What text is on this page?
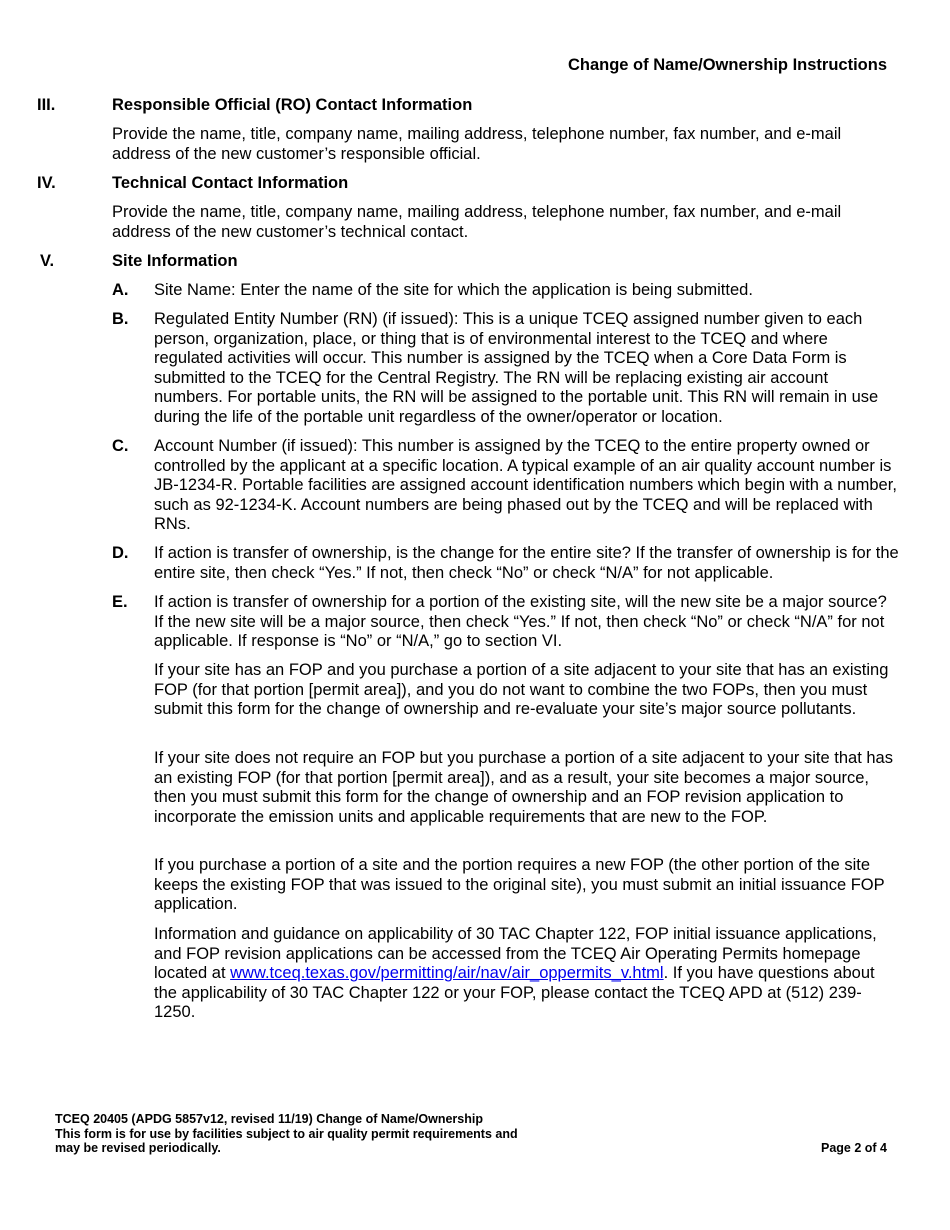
Change of Name/Ownership Instructions
III.	Responsible Official (RO) Contact Information
Provide the name, title, company name, mailing address, telephone number, fax number, and e-mail address of the new customer’s responsible official.
IV.	Technical Contact Information
Provide the name, title, company name, mailing address, telephone number, fax number, and e-mail address of the new customer’s technical contact.
V.	Site Information
A. Site Name: Enter the name of the site for which the application is being submitted.
B. Regulated Entity Number (RN) (if issued): This is a unique TCEQ assigned number given to each person, organization, place, or thing that is of environmental interest to the TCEQ and where regulated activities will occur. This number is assigned by the TCEQ when a Core Data Form is submitted to the TCEQ for the Central Registry. The RN will be replacing existing air account numbers. For portable units, the RN will be assigned to the portable unit. This RN will remain in use during the life of the portable unit regardless of the owner/operator or location.
C. Account Number (if issued): This number is assigned by the TCEQ to the entire property owned or controlled by the applicant at a specific location. A typical example of an air quality account number is JB-1234-R. Portable facilities are assigned account identification numbers which begin with a number, such as 92-1234-K. Account numbers are being phased out by the TCEQ and will be replaced with RNs.
D. If action is transfer of ownership, is the change for the entire site? If the transfer of ownership is for the entire site, then check “Yes.” If not, then check “No” or check “N/A” for not applicable.
E. If action is transfer of ownership for a portion of the existing site, will the new site be a major source? If the new site will be a major source, then check “Yes.” If not, then check “No” or check “N/A” for not applicable. If response is “No” or “N/A,” go to section VI.
If your site has an FOP and you purchase a portion of a site adjacent to your site that has an existing FOP (for that portion [permit area]), and you do not want to combine the two FOPs, then you must submit this form for the change of ownership and re-evaluate your site’s major source pollutants.
If your site does not require an FOP but you purchase a portion of a site adjacent to your site that has an existing FOP (for that portion [permit area]), and as a result, your site becomes a major source, then you must submit this form for the change of ownership and an FOP revision application to incorporate the emission units and applicable requirements that are new to the FOP.
If you purchase a portion of a site and the portion requires a new FOP (the other portion of the site keeps the existing FOP that was issued to the original site), you must submit an initial issuance FOP application.
Information and guidance on applicability of 30 TAC Chapter 122, FOP initial issuance applications, and FOP revision applications can be accessed from the TCEQ Air Operating Permits homepage located at www.tceq.texas.gov/permitting/air/nav/air_oppermits_v.html. If you have questions about the applicability of 30 TAC Chapter 122 or your FOP, please contact the TCEQ APD at (512) 239-1250.
TCEQ 20405 (APDG 5857v12, revised 11/19) Change of Name/Ownership
This form is for use by facilities subject to air quality permit requirements and
may be revised periodically.	Page 2 of 4
